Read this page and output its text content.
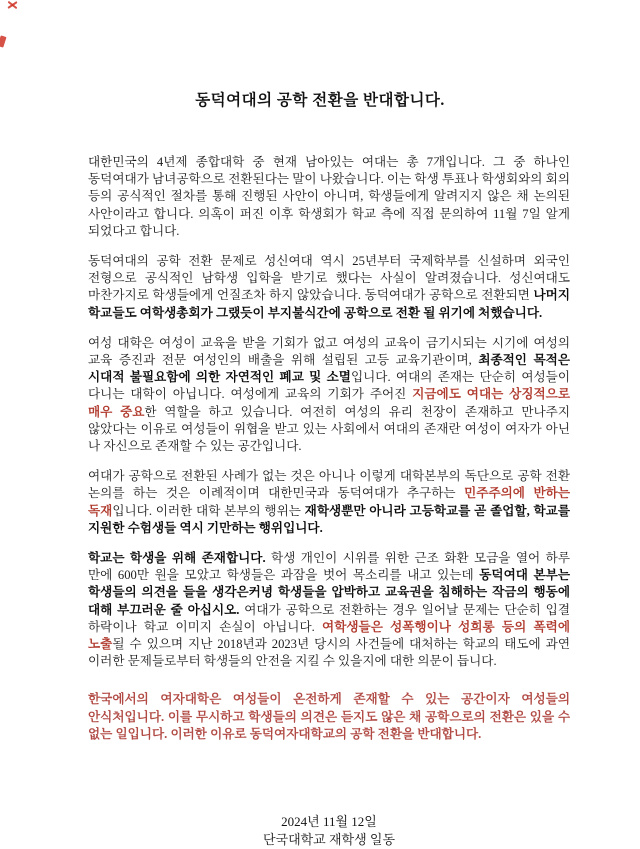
동덕여대의 공학 전환을 반대합니다.

대한민국의 4년제 종합대학 중 현재 남아있는 여대는 총 7개입니다. 그 중 하나인 동덕여대가 남녀공학으로 전환된다는 말이 나왔습니다. 이는 학생 투표나 학생회와의 회의 등의 공식적인 절차를 통해 진행된 사안이 아니며, 학생들에게 알려지지 않은 채 논의된 사안이라고 합니다. 의혹이 퍼진 이후 학생회가 학교 측에 직접 문의하여 11월 7일 알게 되었다고 합니다.

동덕여대의 공학 전환 문제로 성신여대 역시 25년부터 국제학부를 신설하며 외국인 전형으로 공식적인 남학생 입학을 받기로 했다는 사실이 알려졌습니다. 성신여대도 마찬가지로 학생들에게 언질조차 하지 않았습니다. 동덕여대가 공학으로 전환되면 나머지 학교들도 여학생총회가 그랬듯이 부지불식간에 공학으로 전환 될 위기에 처했습니다.

여성 대학은 여성이 교육을 받을 기회가 없고 여성의 교육이 금기시되는 시기에 여성의 교육 증진과 전문 여성인의 배출을 위해 설립된 고등 교육기관이며, 최종적인 목적은 시대적 불필요함에 의한 자연적인 폐교 및 소멸입니다. 여대의 존재는 단순히 여성들이 다니는 대학이 아닙니다. 여성에게 교육의 기회가 주어진 지금에도 여대는 상징적으로 매우 중요한 역할을 하고 있습니다. 여전히 여성의 유리 천장이 존재하고 만나주지 않았다는 이유로 여성들이 위협을 받고 있는 사회에서 여대의 존재란 여성이 여자가 아닌 나 자신으로 존재할 수 있는 공간입니다.

여대가 공학으로 전환된 사례가 없는 것은 아니나 이렇게 대학본부의 독단으로 공학 전환 논의를 하는 것은 이례적이며 대한민국과 동덕여대가 추구하는 민주주의에 반하는 독재입니다. 이러한 대학 본부의 행위는 재학생뿐만 아니라 고등학교를 곧 졸업할, 학교를 지원한 수험생들 역시 기만하는 행위입니다.

학교는 학생을 위해 존재합니다. 학생 개인이 시위를 위한 근조 화환 모금을 열어 하루 만에 600만 원을 모았고 학생들은 과잠을 벗어 목소리를 내고 있는데 동덕여대 본부는 학생들의 의견을 들을 생각은커녕 학생들을 압박하고 교육권을 침해하는 작금의 행동에 대해 부끄러운 줄 아십시오. 여대가 공학으로 전환하는 경우 일어날 문제는 단순히 입결 하락이나 학교 이미지 손실이 아닙니다. 여학생들은 성폭행이나 성희롱 등의 폭력에 노출될 수 있으며 지난 2018년과 2023년 당시의 사건들에 대처하는 학교의 태도에 과연 이러한 문제들로부터 학생들의 안전을 지킬 수 있을지에 대한 의문이 듭니다.

한국에서의 여자대학은 여성들이 온전하게 존재할 수 있는 공간이자 여성들의 안식처입니다. 이를 무시하고 학생들의 의견은 듣지도 않은 채 공학으로의 전환은 있을 수 없는 일입니다. 이러한 이유로 동덕여자대학교의 공학 전환을 반대합니다.

2024년 11월 12일
단국대학교 재학생 일동
